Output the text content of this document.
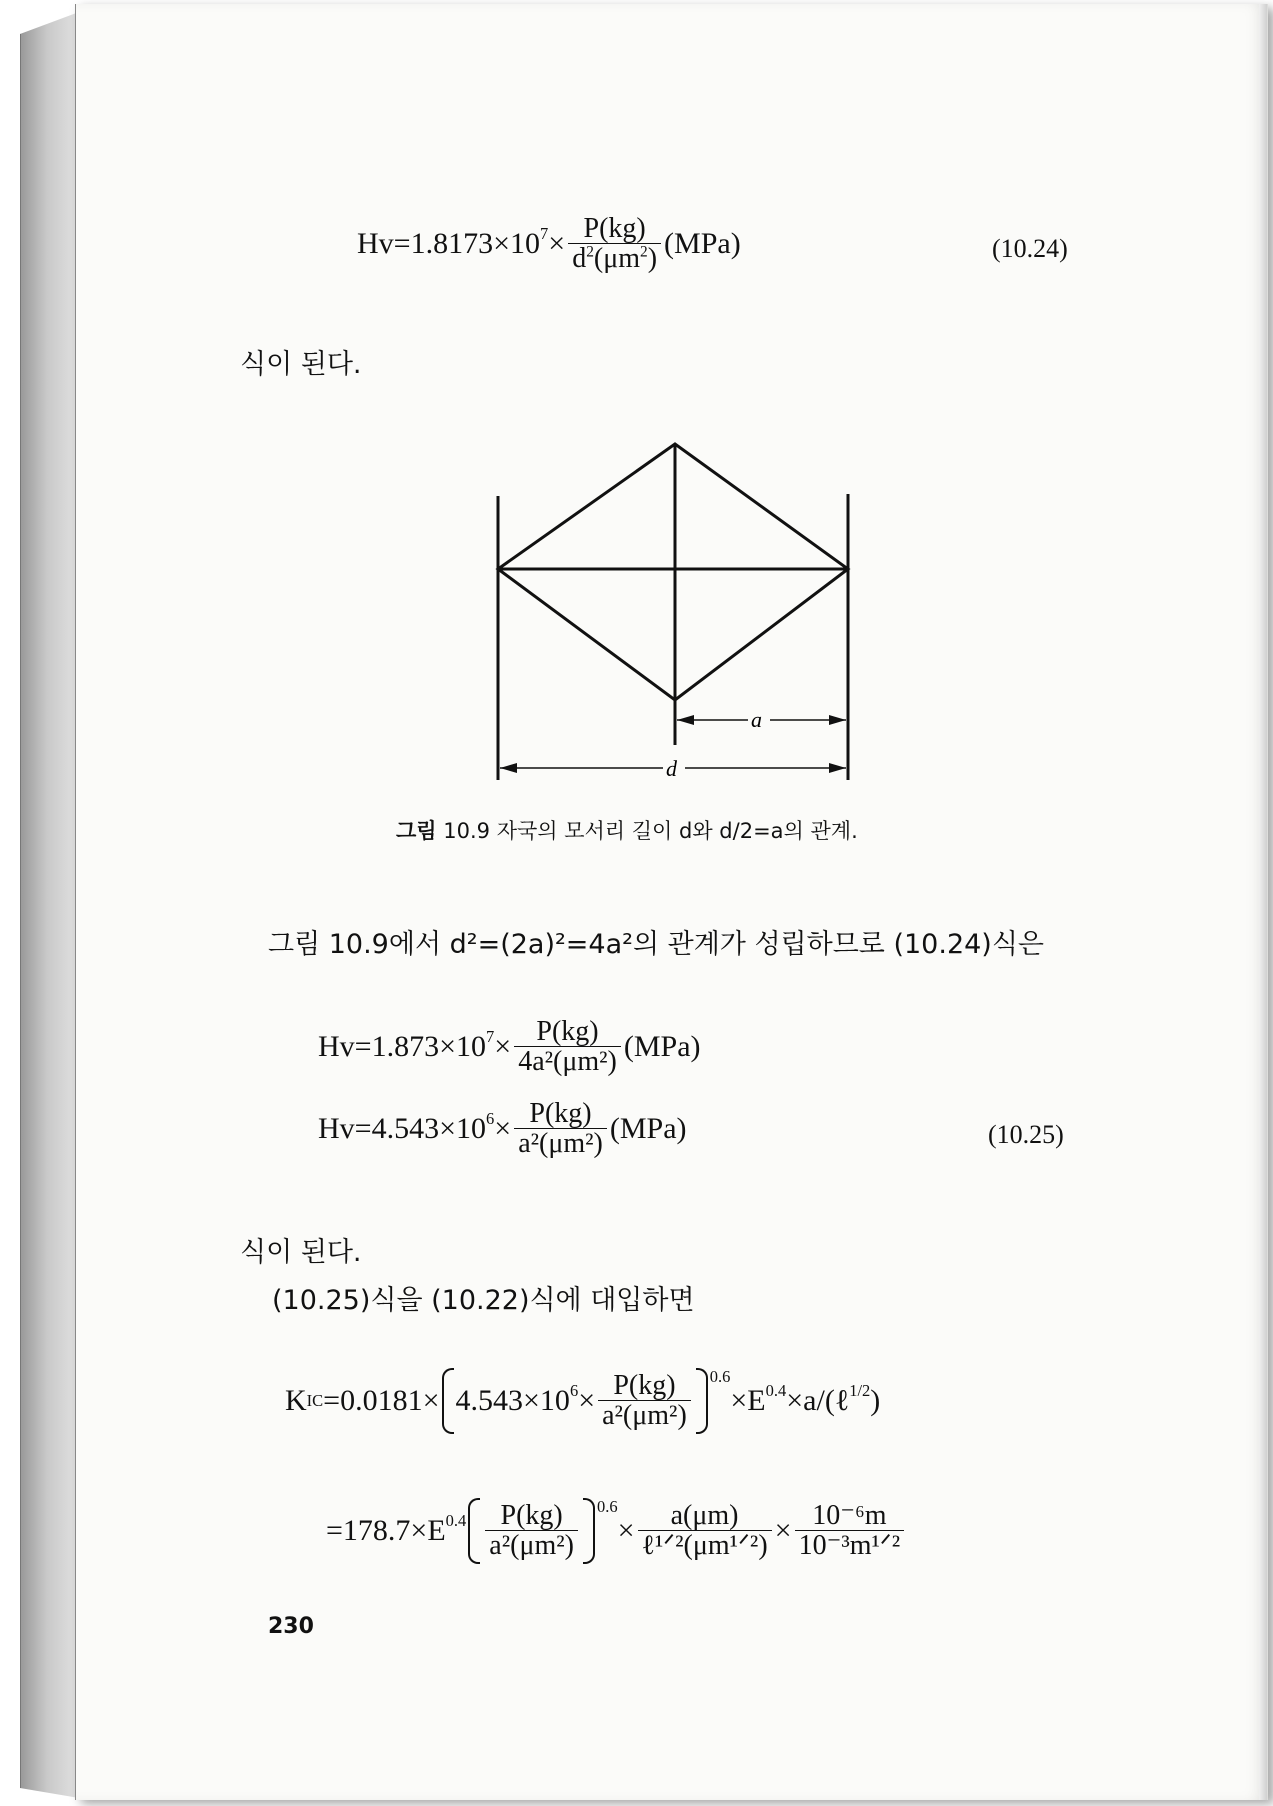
$Hv=1.8173\times 10^7 \times \frac{P(kg)}{d^2(\mu m^2)} (MPa)$	(10.24)
식이 된다.
a
d
그림 10.9 자국의 모서리 길이 d와 d/2=a의 관계.
그림 10.9에서 d²=(2a)²=4a²의 관계가 성립하므로 (10.24)식은
$Hv=1.873\times 10^7 \times \frac{P(kg)}{\text{4a²(μm²)}} (MPa)$
$Hv=4.543\times 10^6 \times \frac{P(kg)}{\text{a²(μm²)}} (MPa)$	(10.25)
식이 된다.
(10.25)식을 (10.22)식에 대입하면
K IC $=0.0181\times 4.543\times 10^6 \times \frac{P(kg)}{\text{a²(μm²)}} ^{0.6}$
$\times E^{0.4}$ ×a/(ℓ$^{1/2}$ )
$=178.7\times E^{0.4} \frac{P(kg)}{\text{a²(μm²)}} ^{0.6}$
× $\frac{a(\mu m)}{\text{ℓ¹ᐟ²(μm¹ᐟ²)}} \times \frac{\text{10⁻⁶m}}{\text{10⁻³m¹ᐟ²}}$
230
